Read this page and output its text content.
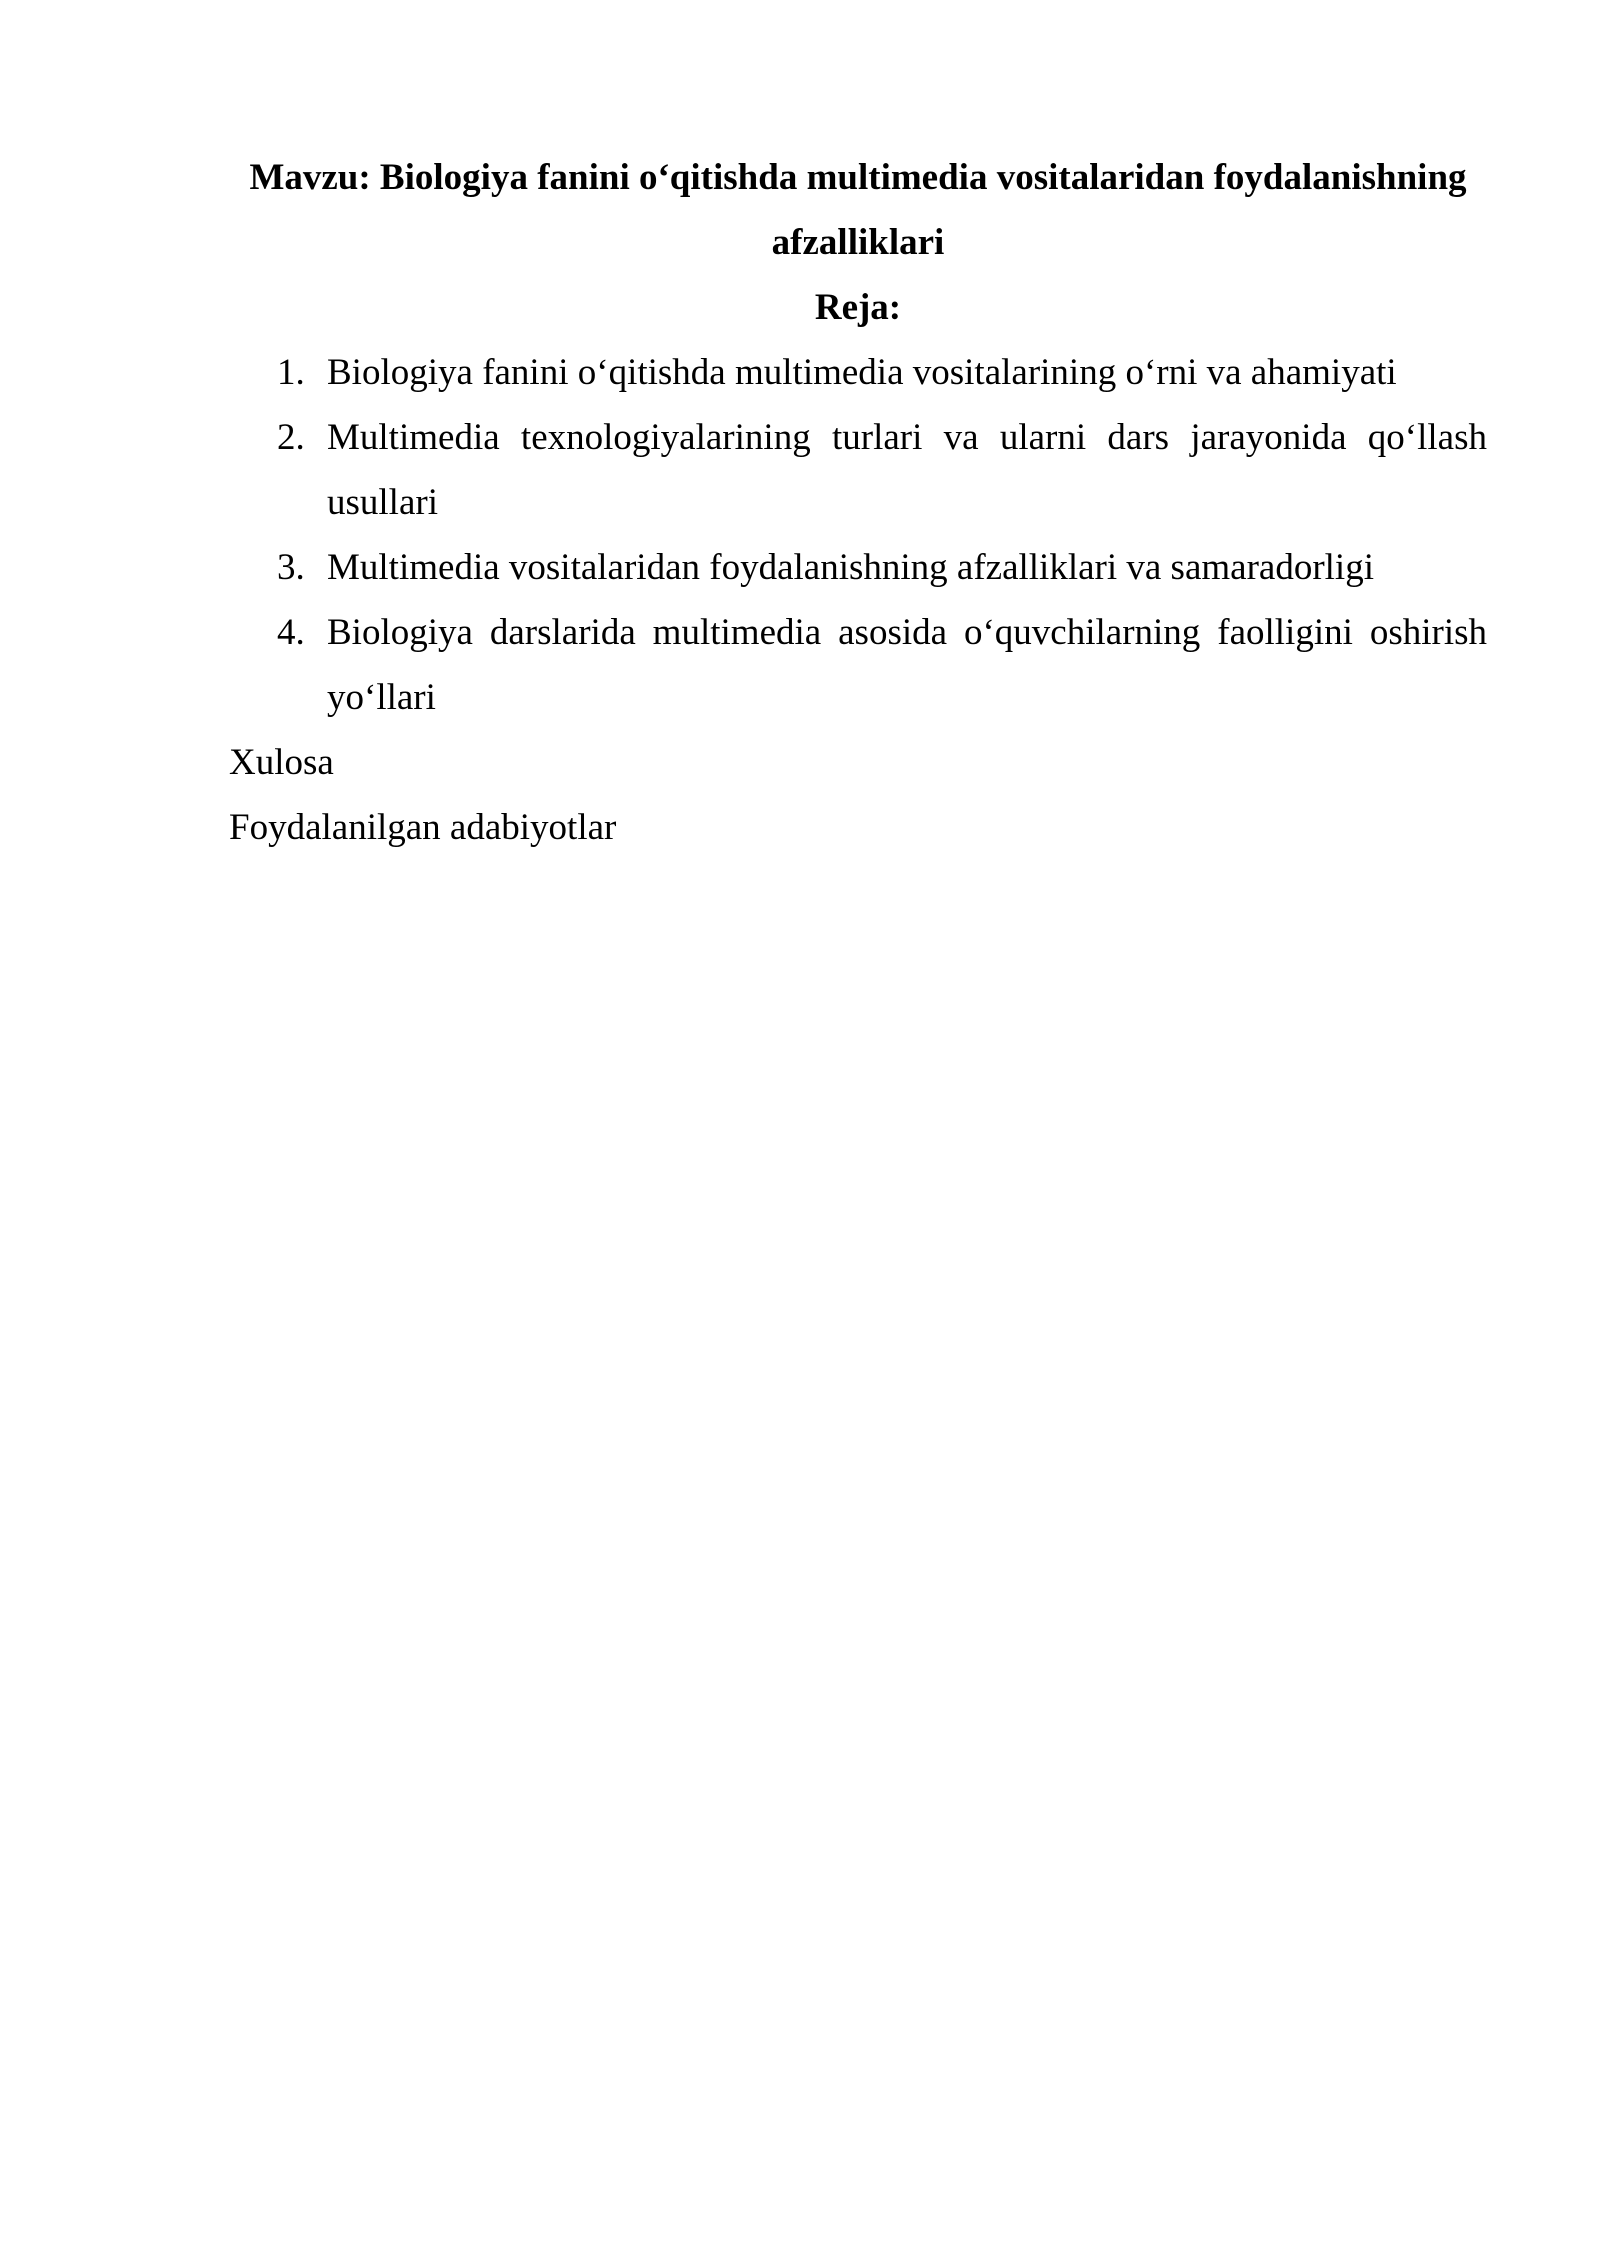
Mavzu: Biologiya fanini o‘qitishda multimedia vositalaridan foydalanishning afzalliklari

Reja:

1. Biologiya fanini o‘qitishda multimedia vositalarining o‘rni va ahamiyati
2. Multimedia texnologiyalarining turlari va ularni dars jarayonida qo‘llash usullari
3. Multimedia vositalaridan foydalanishning afzalliklari va samaradorligi
4. Biologiya darslarida multimedia asosida o‘quvchilarning faolligini oshirish yo‘llari

Xulosa

Foydalanilgan adabiyotlar
